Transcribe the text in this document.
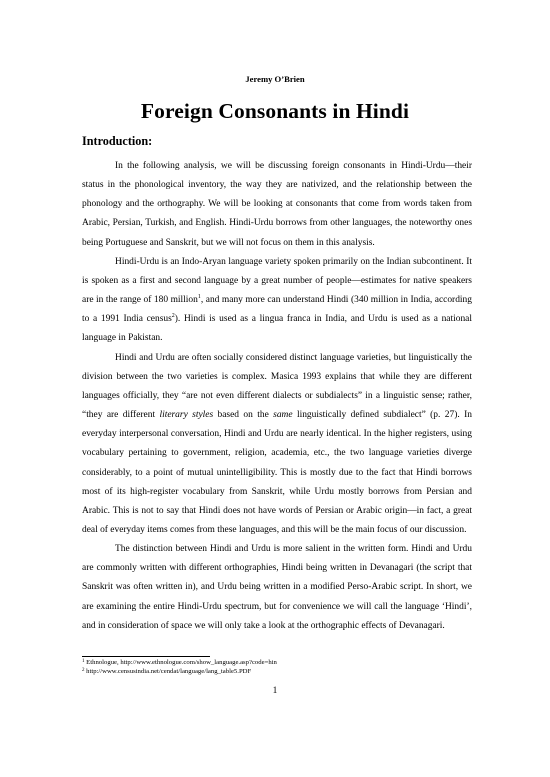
Jeremy O’Brien
Foreign Consonants in Hindi
Introduction:

In the following analysis, we will be discussing foreign consonants in Hindi-Urdu—their status in the phonological inventory, the way they are nativized, and the relationship between the phonology and the orthography. We will be looking at consonants that come from words taken from Arabic, Persian, Turkish, and English. Hindi-Urdu borrows from other languages, the noteworthy ones being Portuguese and Sanskrit, but we will not focus on them in this analysis.

Hindi-Urdu is an Indo-Aryan language variety spoken primarily on the Indian subcontinent. It is spoken as a first and second language by a great number of people—estimates for native speakers are in the range of 180 million$^1$, and many more can understand Hindi (340 million in India, according to a 1991 India census$^2$). Hindi is used as a lingua franca in India, and Urdu is used as a national language in Pakistan.

Hindi and Urdu are often socially considered distinct language varieties, but linguistically the division between the two varieties is complex. Masica 1993 explains that while they are different languages officially, they “are not even different dialects or subdialects” in a linguistic sense; rather, “they are different literary styles based on the same linguistically defined subdialect” (p. 27). In everyday interpersonal conversation, Hindi and Urdu are nearly identical. In the higher registers, using vocabulary pertaining to government, religion, academia, etc., the two language varieties diverge considerably, to a point of mutual unintelligibility. This is mostly due to the fact that Hindi borrows most of its high-register vocabulary from Sanskrit, while Urdu mostly borrows from Persian and Arabic. This is not to say that Hindi does not have words of Persian or Arabic origin—in fact, a great deal of everyday items comes from these languages, and this will be the main focus of our discussion.

The distinction between Hindi and Urdu is more salient in the written form. Hindi and Urdu are commonly written with different orthographies, Hindi being written in Devanagari (the script that Sanskrit was often written in), and Urdu being written in a modified Perso-Arabic script. In short, we are examining the entire Hindi-Urdu spectrum, but for convenience we will call the language ‘Hindi’, and in consideration of space we will only take a look at the orthographic effects of Devanagari.

$^1$ Ethnologue, http://www.ethnologue.com/show_language.asp?code=hin
$^2$ http://www.censusindia.net/cendat/language/lang_table5.PDF
1
